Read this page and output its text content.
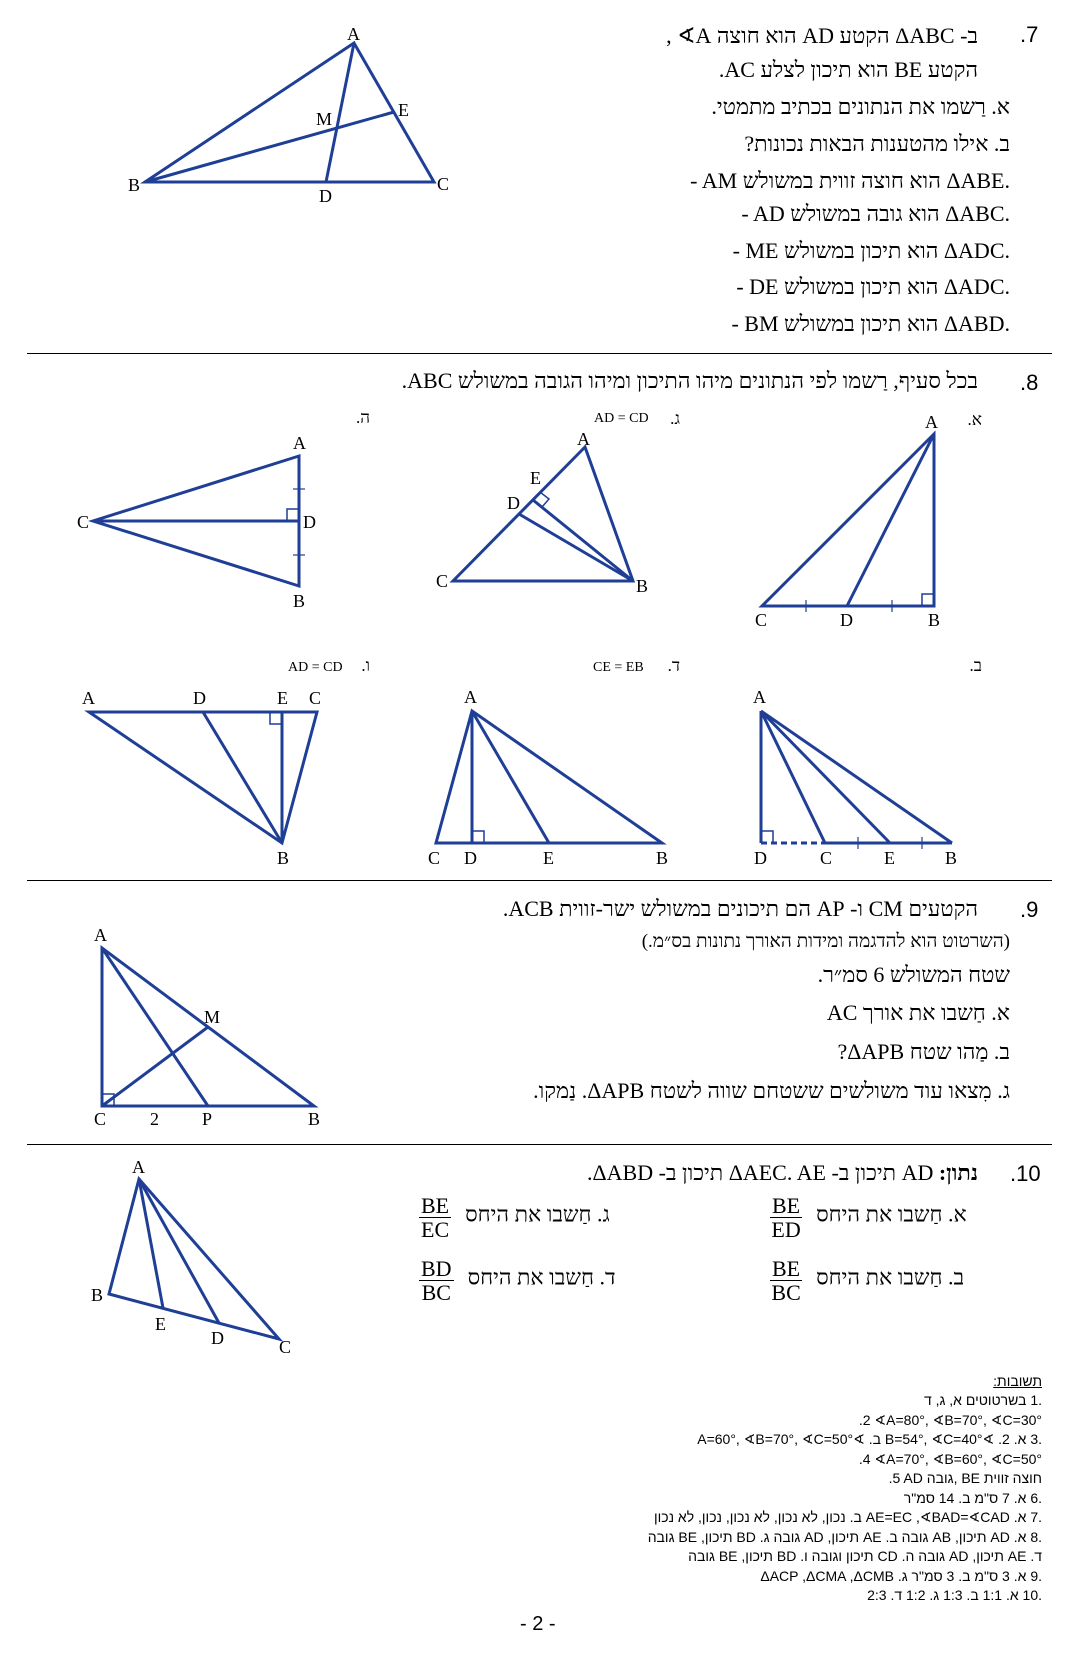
.7
ב- ΔABC הקטע AD הוא חוצה A∢ ,
הקטע BE הוא תיכון לצלע AC.
א. רַשמו את הנתונים בכתיב מתמטי.
ב. אילו מהטענות הבאות נכונות?
- AM הוא חוצה זווית במשולש ΔABE.
- AD הוא גובה במשולש ΔABC.
- ME הוא תיכון במשולש ΔADC.
- DE הוא תיכון במשולש ΔADC.
- BM הוא תיכון במשולש ΔABD.
A
B	C
D
E
M
.8
בכל סעיף, רַשמו לפי הנתונים מיהו התיכון ומיהו הגובה במשולש ABC.
א.
ג.
AD = CD
ה.
ב.
ד.
CE = EB
ו.
AD = CD
A
C	D	B
A
C	B
D
E
A
C	D
B
A
D	C	E	B
A
C D	E	B
A	D	E C
B
.9
הקטעים CM ו- AP הם תיכונים במשולש ישר-זווית ACB.
(השרטוט הוא להדגמה ומידות האורך נתונות בס״מ.)
שטח המשולש 6 סמ״ר.
א. חַשבו את אורך AC
ב. מַהו שטח ΔAPB?
ג. מִצאו עוד משולשים ששטחם שווה לשטח ΔAPB. נַמקו.
A
C 2 P	B
M
.10
נתון: AD תיכון ב- ΔAEC. AE תיכון ב- ΔABD.
א. חַשבו את היחס
$\frac{BE}{ED}$
ב. חַשבו את היחס
$\frac{BE}{BC}$
ג. חַשבו את היחס
$\frac{BE}{EC}$
ד. חַשבו את היחס
$\frac{BD}{BC}$
A
B
E
D	C
תשובות:
.1 בשרטוטים א, ג, ד
.2 ∢A=80°, ∢B=70°, ∢C=30°
.3 א. 2. ∢B=54°, ∢C=40° ב. ∢A=60°, ∢B=70°, ∢C=50°
.4 ∢A=70°, ∢B=60°, ∢C=50°
.5 AD גובה, BE חוצה זווית
.6 א. 7 ס"מ ב. 14 סמ"ר
.7 א. AE=EC ,∢BAD=∢CAD ב. נכון, לא נכון, לא נכון, נכון, לא נכון
.8 א. AD תיכון, AB גובה ב. AE תיכון, AD גובה ג. BD תיכון, BE גובה
ד. AE תיכון, AD גובה ה. CD תיכון וגובה ו. BD תיכון, BE גובה
.9 א. 3 ס"מ ב. 3 סמ"ר ג. ΔACP ,ΔCMA ,ΔCMB
.10 א. 1:1 ב. 1:3 ג. 1:2 ד. 2:3
- 2 -
